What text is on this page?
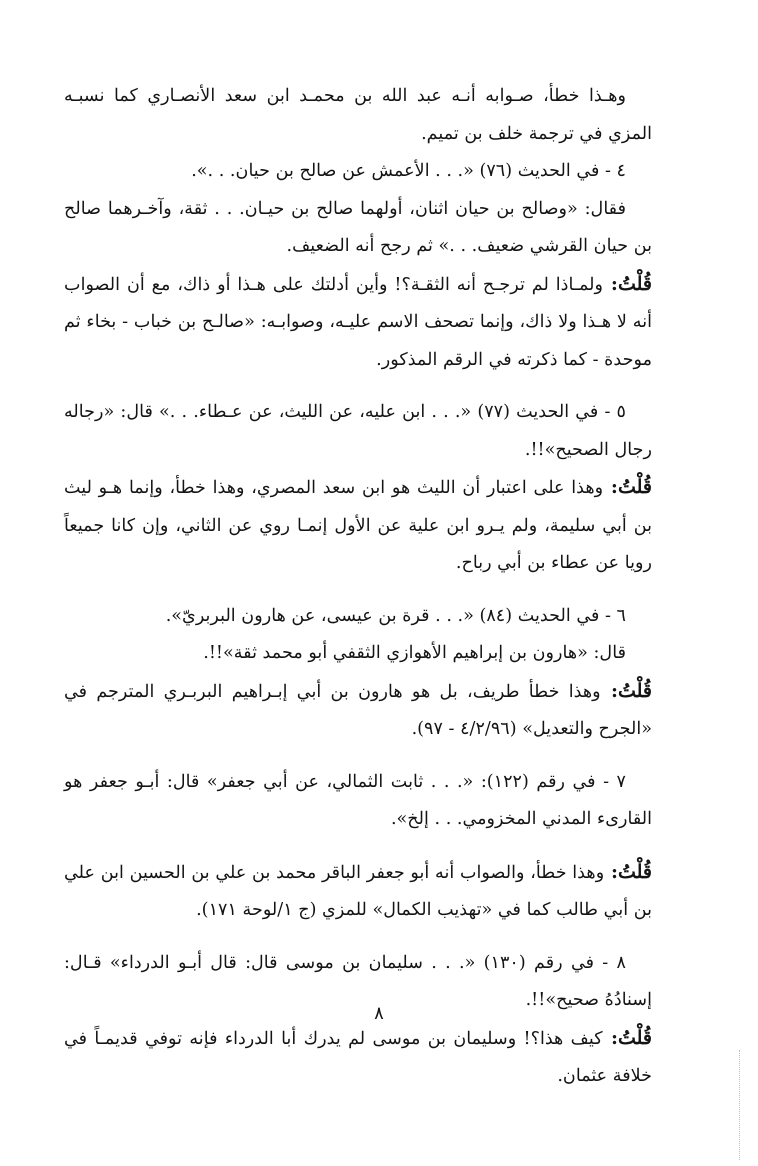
وهـذا خطأ، صـوابه أنـه عبد الله بن محمـد ابن سعد الأنصـاري كما نسبـه المزي في ترجمة خلف بن تميم.

٤ - في الحديث (٧٦) «. . . الأعمش عن صالح بن حيان. . .».

فقال: «وصالح بن حيان اثنان، أولهما صالح بن حيـان. . . ثقة، وآخـرهما صالح بن حيان القرشي ضعيف. . .» ثم رجح أنه الضعيف.

قُلْتُ: ولمـاذا لم ترجـح أنه الثقـة؟! وأين أدلتك على هـذا أو ذاك، مع أن الصواب أنه لا هـذا ولا ذاك، وإنما تصحف الاسم عليـه، وصوابـه: «صالـح بن خباب - بخاء ثم موحدة - كما ذكرته في الرقم المذكور.

٥ - في الحديث (٧٧) «. . . ابن عليه، عن الليث، عن عـطاء. . .» قال: «رجاله رجال الصحيح»!!.

قُلْتُ: وهذا على اعتبار أن الليث هو ابن سعد المصري، وهذا خطأ، وإنما هـو ليث بن أبي سليمة، ولم يـرو ابن علية عن الأول إنمـا روي عن الثاني، وإن كانا جميعاً رويا عن عطاء بن أبي رباح.

٦ - في الحديث (٨٤) «. . . قرة بن عيسى، عن هارون البربريّ».

قال: «هارون بن إبراهيم الأهوازي الثقفي أبو محمد ثقة»!!.

قُلْتُ: وهذا خطأ طريف، بل هو هارون بن أبي إبـراهيم البربـري المترجم في «الجرح والتعديل» (٤/٢/٩٦ - ٩٧).

٧ - في رقم (١٢٢): «. . . ثابت الثمالي، عن أبي جعفر» قال: أبـو جعفر هو القارىء المدني المخزومي. . . إلخ».

قُلْتُ: وهذا خطأ، والصواب أنه أبو جعفر الباقر محمد بن علي بن الحسين ابن علي بن أبي طالب كما في «تهذيب الكمال» للمزي (ج ١/لوحة ١٧١).

٨ - في رقم (١٣٠) «. . . سليمان بن موسى قال: قال أبـو الدرداء» قـال: إسنادُهُ صحيح»!!.

قُلْتُ: كيف هذا؟! وسليمان بن موسى لم يدرك أبا الدرداء فإنه توفي قديمـاً في خلافة عثمان.

٨
